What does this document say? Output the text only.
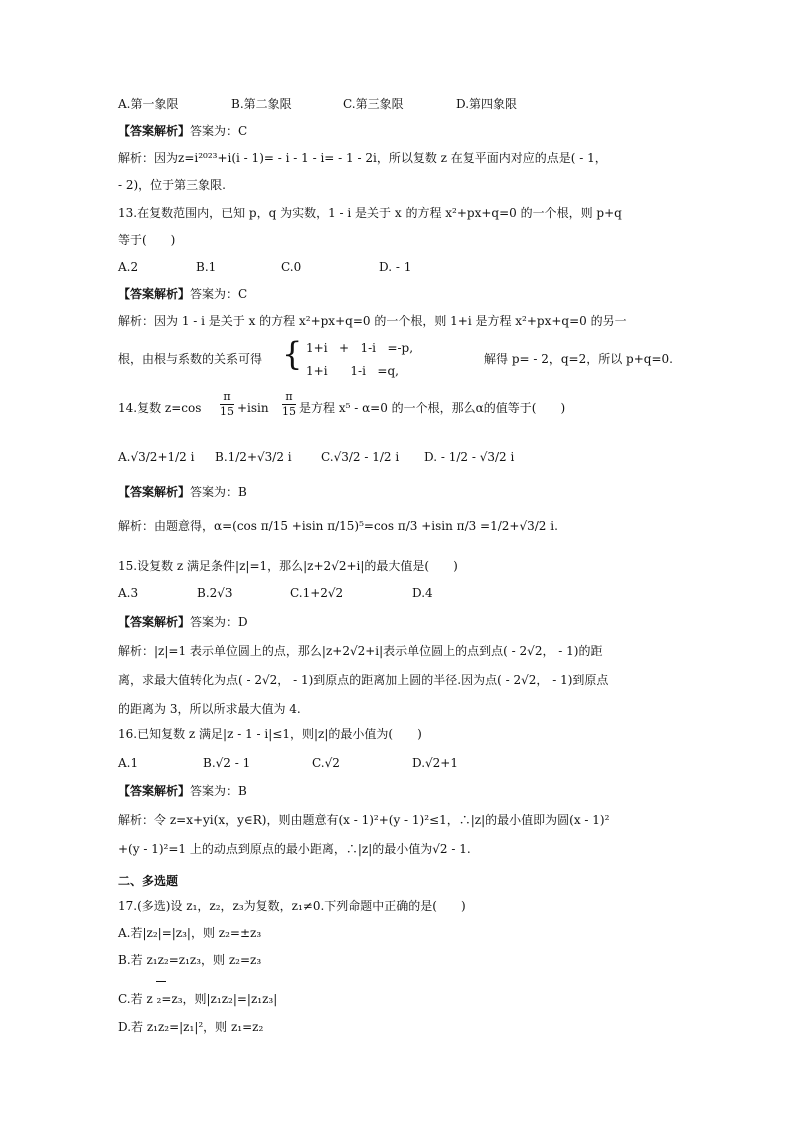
A.第一象限	B.第二象限	C.第三象限	D.第四象限
【答案解析】答案为：C
解析：因为z=i²⁰²³+i(i - 1)= - i - 1 - i= - 1 - 2i，所以复数 z 在复平面内对应的点是( - 1，
- 2)，位于第三象限.
13.在复数范围内，已知 p，q 为实数，1 - i 是关于 x 的方程 x²+px+q=0 的一个根，则 p+q
等于(　　)
A.2	B.1	C.0	D. - 1
【答案解析】答案为：C
解析：因为 1 - i 是关于 x 的方程 x²+px+q=0 的一个根，则 1+i 是方程 x²+px+q=0 的另一
根，由根与系数的关系可得 { 1+i   +   1-i   =-p,
1+i      1-i   =q,
解得 p= - 2，q=2，所以 p+q=0.
14.复数 z=cos
π
15 +isin
π
15 是方程 x⁵ - α=0 的一个根，那么α的值等于(　　)
A.√3/2+1/2 i B.1/2+√3/2 i C.√3/2 - 1/2 i D. - 1/2 - √3/2 i
【答案解析】答案为：B
解析：由题意得，α=(cos π/15 +isin π/15)⁵=cos π/3 +isin π/3 =1/2+√3/2 i.
15.设复数 z 满足条件|z|=1，那么|z+2√2+i|的最大值是(　　)
A.3	B.2√3	C.1+2√2	D.4
【答案解析】答案为：D
解析：|z|=1 表示单位圆上的点，那么|z+2√2+i|表示单位圆上的点到点( - 2√2， - 1)的距
离，求最大值转化为点( - 2√2， - 1)到原点的距离加上圆的半径.因为点( - 2√2， - 1)到原点
的距离为 3，所以所求最大值为 4.
16.已知复数 z 满足|z - 1 - i|≤1，则|z|的最小值为(　　)
A.1	B.√2 - 1	C.√2	D.√2+1
【答案解析】答案为：B
解析：令 z=x+yi(x，y∈R)，则由题意有(x - 1)²+(y - 1)²≤1，∴|z|的最小值即为圆(x - 1)²
+(y - 1)²=1 上的动点到原点的最小距离，∴|z|的最小值为√2 - 1.
二、多选题
17.(多选)设 z₁，z₂，z₃为复数，z₁≠0.下列命题中正确的是(　　)
A.若|z₂|=|z₃|，则 z₂=±z₃
B.若 z₁z₂=z₁z₃，则 z₂=z₃
C.若 z ₂=z₃，则|z₁z₂|=|z₁z₃|
D.若 z₁z₂=|z₁|²，则 z₁=z₂
